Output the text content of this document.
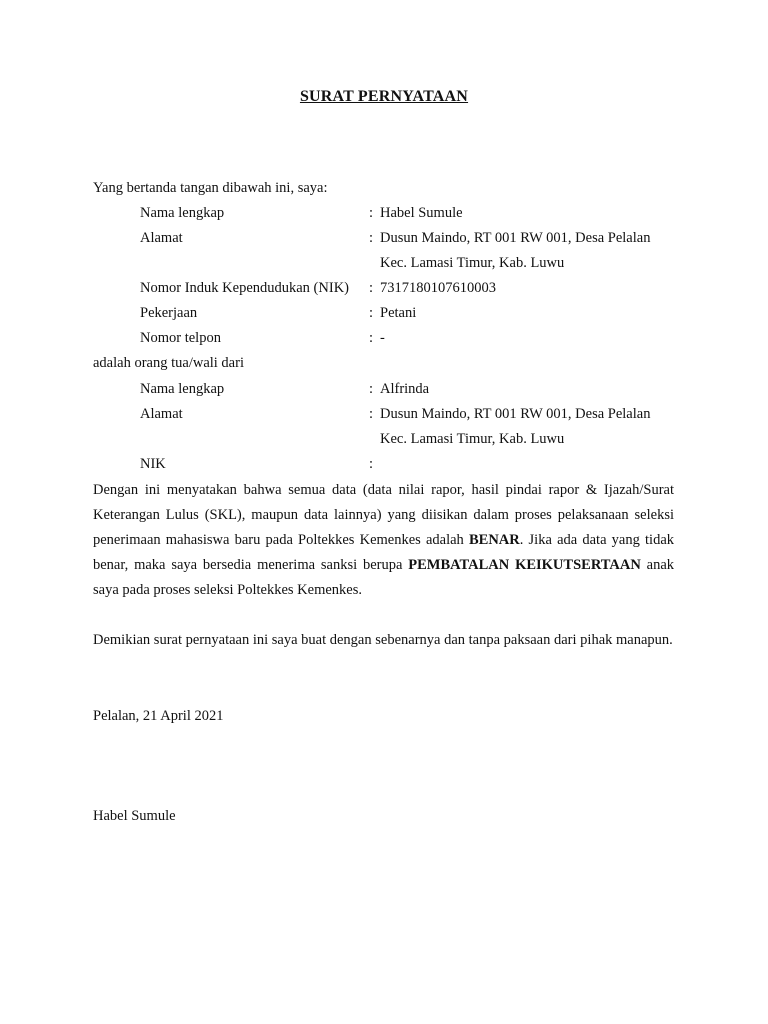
SURAT PERNYATAAN
Yang bertanda tangan dibawah ini, saya:
Nama lengkap	: Habel Sumule
Alamat	: Dusun Maindo, RT 001 RW 001, Desa Pelalan
Kec. Lamasi Timur, Kab. Luwu
Nomor Induk Kependudukan (NIK) : 7317180107610003
Pekerjaan	: Petani
Nomor telpon	: -
adalah orang tua/wali dari
Nama lengkap	: Alfrinda
Alamat	: Dusun Maindo, RT 001 RW 001, Desa Pelalan
Kec. Lamasi Timur, Kab. Luwu
NIK	:
Dengan ini menyatakan bahwa semua data (data nilai rapor, hasil pindai rapor & Ijazah/Surat Keterangan Lulus (SKL), maupun data lainnya) yang diisikan dalam proses pelaksanaan seleksi penerimaan mahasiswa baru pada Poltekkes Kemenkes adalah BENAR. Jika ada data yang tidak benar, maka saya bersedia menerima sanksi berupa PEMBATALAN KEIKUTSERTAAN anak saya pada proses seleksi Poltekkes Kemenkes.
Demikian surat pernyataan ini saya buat dengan sebenarnya dan tanpa paksaan dari pihak manapun.
Pelalan, 21 April 2021
Habel Sumule
